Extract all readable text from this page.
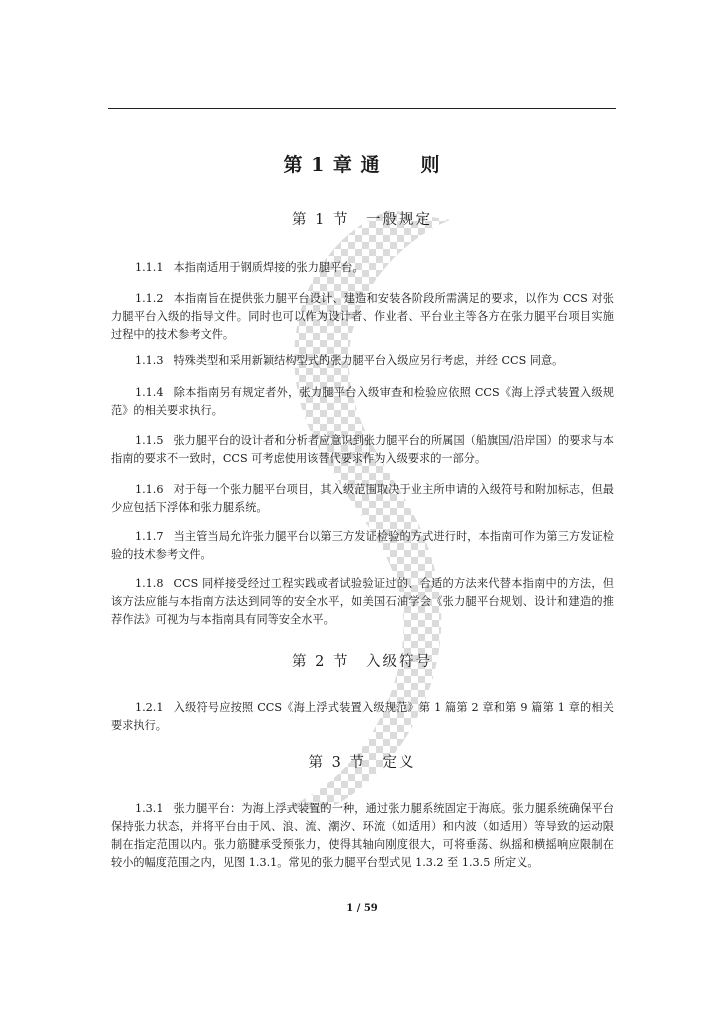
第 1 章 通　　则
第 1 节　一般规定
1.1.1 本指南适用于钢质焊接的张力腿平台。
1.1.2 本指南旨在提供张力腿平台设计、建造和安装各阶段所需满足的要求，以作为 CCS 对张力腿平台入级的指导文件。同时也可以作为设计者、作业者、平台业主等各方在张力腿平台项目实施过程中的技术参考文件。
1.1.3 特殊类型和采用新颖结构型式的张力腿平台入级应另行考虑，并经 CCS 同意。
1.1.4 除本指南另有规定者外，张力腿平台入级审查和检验应依照 CCS《海上浮式装置入级规范》的相关要求执行。
1.1.5 张力腿平台的设计者和分析者应意识到张力腿平台的所属国（船旗国/沿岸国）的要求与本指南的要求不一致时，CCS 可考虑使用该替代要求作为入级要求的一部分。
1.1.6 对于每一个张力腿平台项目，其入级范围取决于业主所申请的入级符号和附加标志，但最少应包括下浮体和张力腿系统。
1.1.7 当主管当局允许张力腿平台以第三方发证检验的方式进行时，本指南可作为第三方发证检验的技术参考文件。
1.1.8 CCS 同样接受经过工程实践或者试验验证过的、合适的方法来代替本指南中的方法，但该方法应能与本指南方法达到同等的安全水平，如美国石油学会《张力腿平台规划、设计和建造的推荐作法》可视为与本指南具有同等安全水平。
第 2 节　入级符号
1.2.1 入级符号应按照 CCS《海上浮式装置入级规范》第 1 篇第 2 章和第 9 篇第 1 章的相关要求执行。
第 3 节　定义
1.3.1 张力腿平台：为海上浮式装置的一种，通过张力腿系统固定于海底。张力腿系统确保平台保持张力状态，并将平台由于风、浪、流、潮汐、环流（如适用）和内波（如适用）等导致的运动限制在指定范围以内。张力筋腱承受预张力，使得其轴向刚度很大，可将垂荡、纵摇和横摇响应限制在较小的幅度范围之内，见图 1.3.1。常见的张力腿平台型式见 1.3.2 至 1.3.5 所定义。
1 / 59
